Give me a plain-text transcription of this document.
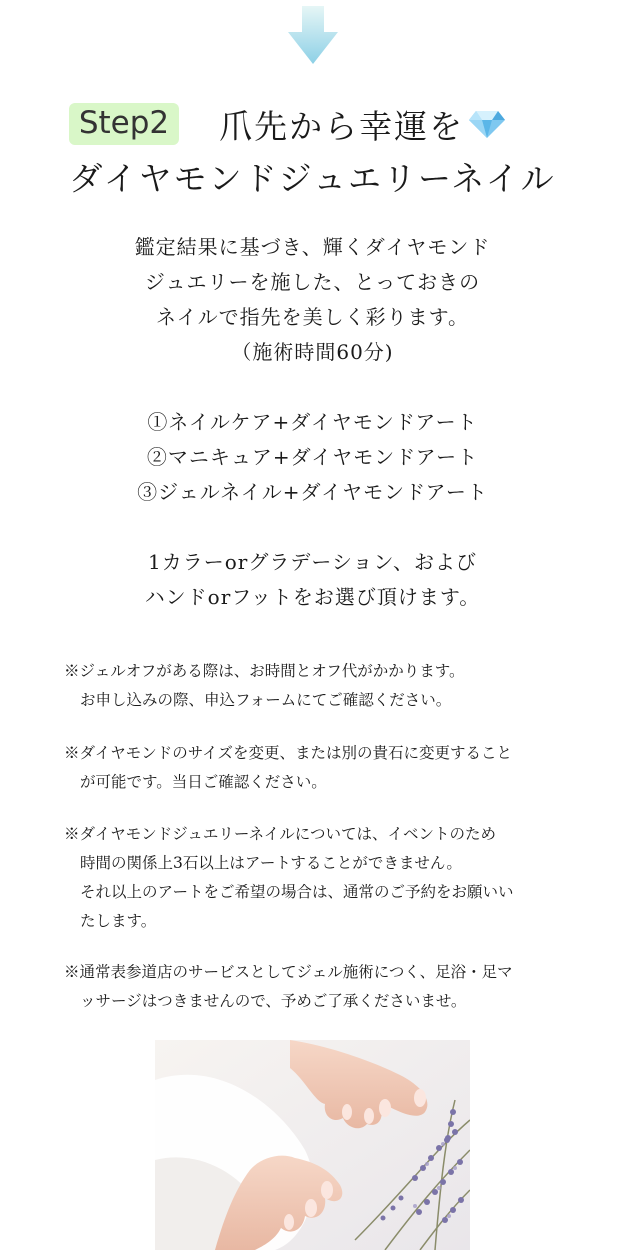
Step2	爪先から幸運を
ダイヤモンドジュエリーネイル
鑑定結果に基づき、輝くダイヤモンド
ジュエリーを施した、とっておきの
ネイルで指先を美しく彩ります。
（施術時間60分)
①ネイルケア+ダイヤモンドアート
②マニキュア+ダイヤモンドアート
③ジェルネイル+ダイヤモンドアート
1カラーorグラデーション、および
ハンドorフットをお選び頂けます。
※ジェルオフがある際は、お時間とオフ代がかかります。
お申し込みの際、申込フォームにてご確認ください。
※ダイヤモンドのサイズを変更、または別の貴石に変更すること
が可能です。当日ご確認ください。
※ダイヤモンドジュエリーネイルについては、イベントのため
時間の関係上3石以上はアートすることができません。
それ以上のアートをご希望の場合は、通常のご予約をお願いい
たします。
※通常表参道店のサービスとしてジェル施術につく、足浴・足マ
ッサージはつきませんので、予めご了承くださいませ。
